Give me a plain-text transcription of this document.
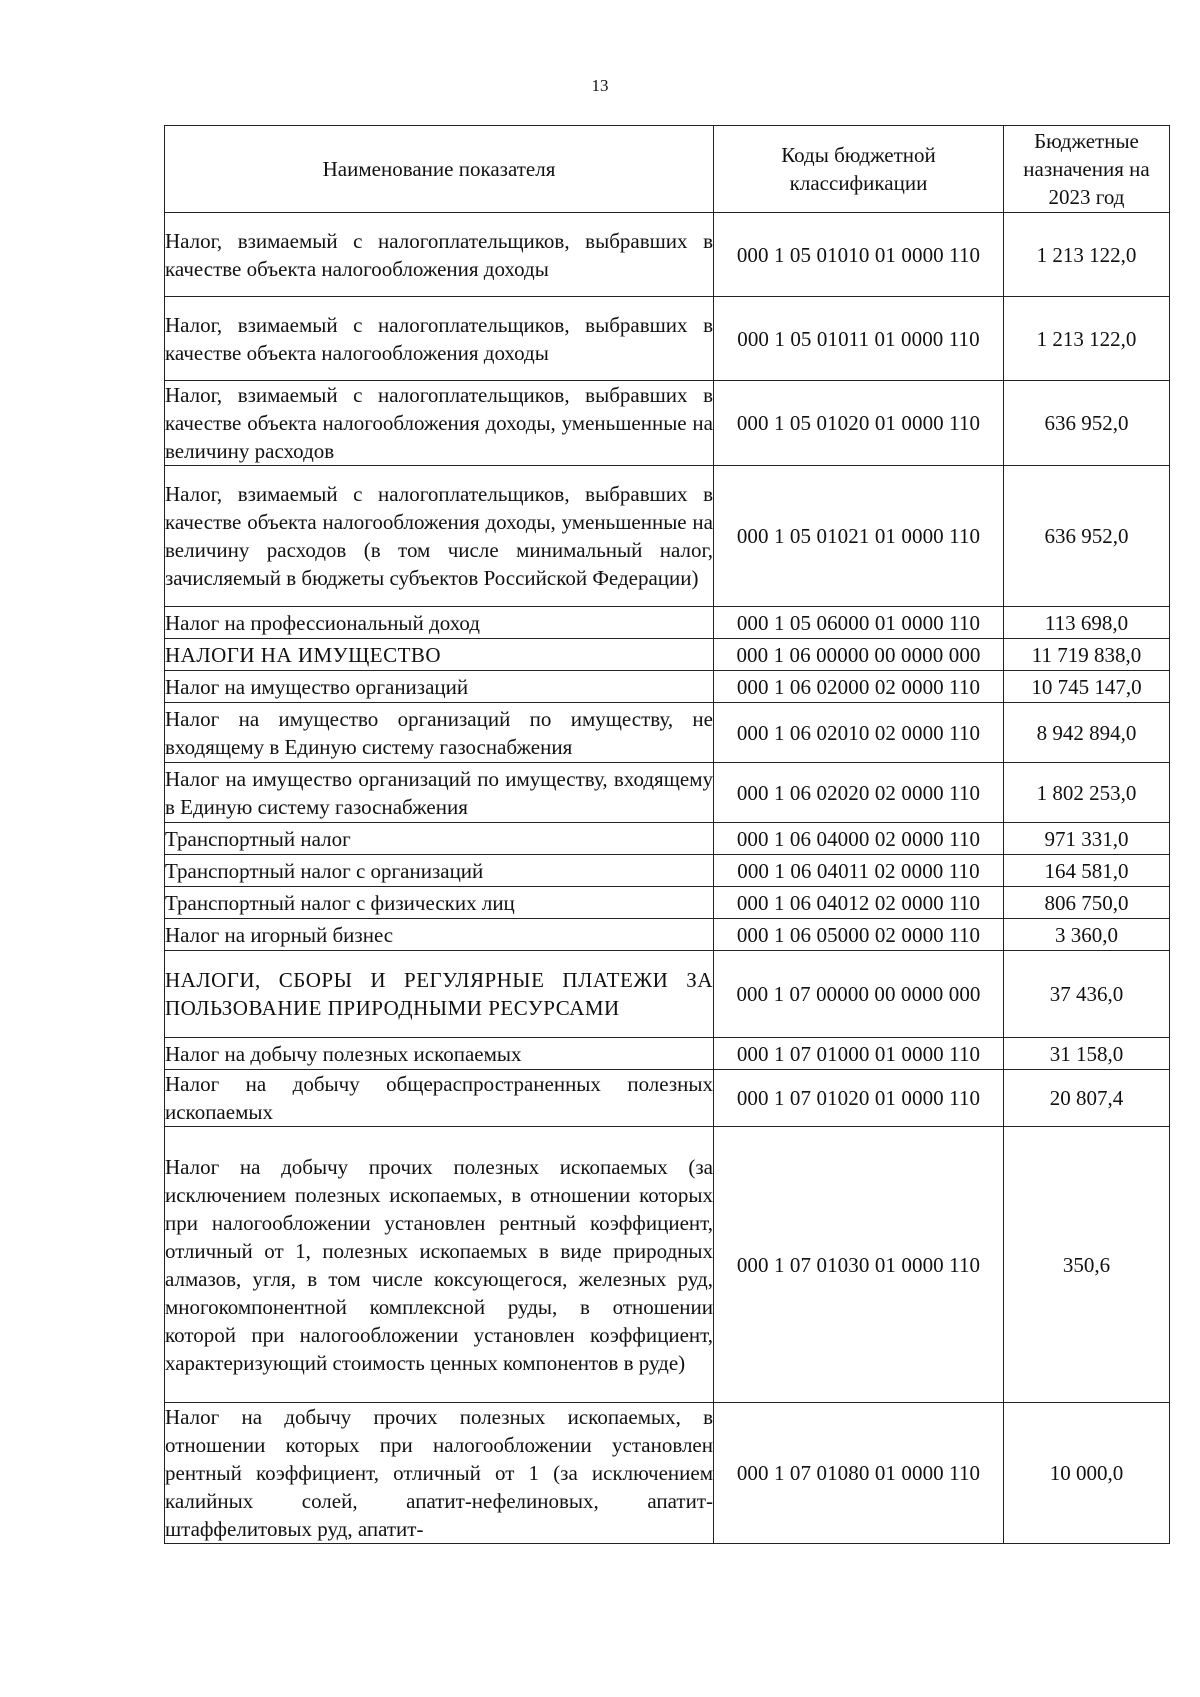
13
Наименование показателя	Коды бюджетной классификации	Бюджетные назначения на 2023 год
Налог, взимаемый с налогоплательщиков, выбравших в качестве объекта налогообложения доходы	000 1 05 01010 01 0000 110	1 213 122,0
Налог, взимаемый с налогоплательщиков, выбравших в качестве объекта налогообложения доходы	000 1 05 01011 01 0000 110	1 213 122,0
Налог, взимаемый с налогоплательщиков, выбравших в качестве объекта налогообложения доходы, уменьшенные на величину расходов	000 1 05 01020 01 0000 110	636 952,0
Налог, взимаемый с налогоплательщиков, выбравших в качестве объекта налогообложения доходы, уменьшенные на величину расходов (в том числе минимальный налог, зачисляемый в бюджеты субъектов Российской Федерации)	000 1 05 01021 01 0000 110	636 952,0
Налог на профессиональный доход	000 1 05 06000 01 0000 110	113 698,0
НАЛОГИ НА ИМУЩЕСТВО	000 1 06 00000 00 0000 000	11 719 838,0
Налог на имущество организаций	000 1 06 02000 02 0000 110	10 745 147,0
Налог на имущество организаций по имуществу, не входящему в Единую систему газоснабжения	000 1 06 02010 02 0000 110	8 942 894,0
Налог на имущество организаций по имуществу, входящему в Единую систему газоснабжения	000 1 06 02020 02 0000 110	1 802 253,0
Транспортный налог	000 1 06 04000 02 0000 110	971 331,0
Транспортный налог с организаций	000 1 06 04011 02 0000 110	164 581,0
Транспортный налог с физических лиц	000 1 06 04012 02 0000 110	806 750,0
Налог на игорный бизнес	000 1 06 05000 02 0000 110	3 360,0
НАЛОГИ, СБОРЫ И РЕГУЛЯРНЫЕ ПЛАТЕЖИ ЗА ПОЛЬЗОВАНИЕ ПРИРОДНЫМИ РЕСУРСАМИ	000 1 07 00000 00 0000 000	37 436,0
Налог на добычу полезных ископаемых	000 1 07 01000 01 0000 110	31 158,0
Налог на добычу общераспространенных полезных ископаемых	000 1 07 01020 01 0000 110	20 807,4
Налог на добычу прочих полезных ископаемых (за исключением полезных ископаемых, в отношении которых при налогообложении установлен рентный коэффициент, отличный от 1, полезных ископаемых в виде природных алмазов, угля, в том числе коксующегося, железных руд, многокомпонентной комплексной руды, в отношении которой при налогообложении установлен коэффициент, характеризующий стоимость ценных компонентов в руде)	000 1 07 01030 01 0000 110	350,6
Налог на добычу прочих полезных ископаемых, в отношении которых при налогообложении установлен рентный коэффициент, отличный от 1 (за исключением калийных солей, апатит-нефелиновых, апатит-штаффелитовых руд, апатит-	000 1 07 01080 01 0000 110	10 000,0
